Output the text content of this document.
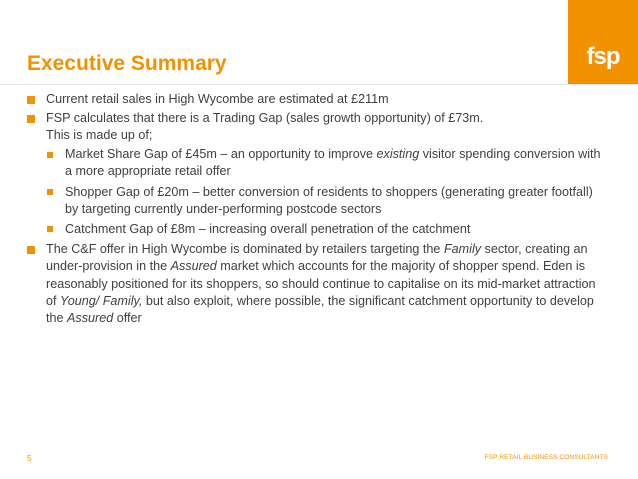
fsp
Executive Summary
Current retail sales in High Wycombe are estimated at £211m
FSP calculates that there is a Trading Gap (sales growth opportunity) of £73m.
This is made up of;
Market Share Gap of £45m – an opportunity to improve existing visitor spending conversion with a more appropriate retail offer
Shopper Gap of £20m – better conversion of residents to shoppers (generating greater footfall) by targeting currently under-performing postcode sectors
Catchment Gap of £8m – increasing overall penetration of the catchment
The C&F offer in High Wycombe is dominated by retailers targeting the Family sector, creating an under-provision in the Assured market which accounts for the majority of shopper spend. Eden is reasonably positioned for its shoppers, so should continue to capitalise on its mid-market attraction of Young/ Family, but also exploit, where possible, the significant catchment opportunity to develop the Assured offer
5	FSP RETAIL BUSINESS CONSULTANTS
